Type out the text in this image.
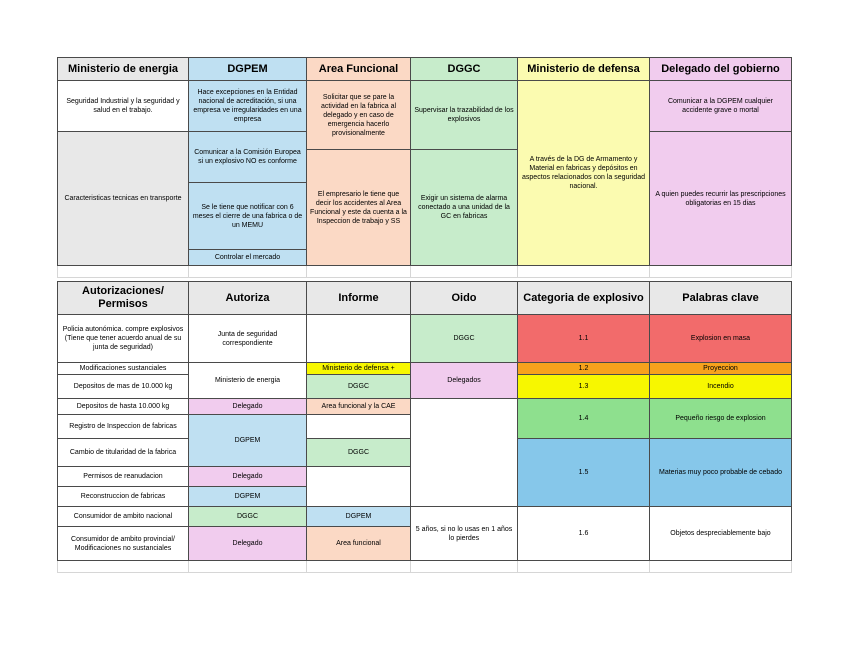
Ministerio de energia	DGPEM	Area Funcional	DGGC	Ministerio de defensa	Delegado del gobierno
Seguridad Industrial y la seguridad y salud en el trabajo.	Hace excepciones en la Entidad nacional de acreditación, si una empresa ve irregularidades en una empresa	Solicitar que se pare la actividad en la fabrica al delegado y en caso de emergencia hacerlo provisionalmente	Supervisar la trazabilidad de los explosivos	A través de la DG de Armamento y Material en fabricas y depósitos en aspectos relacionados con la seguridad nacional.	Comunicar a la DGPEM cualquier accidente grave o mortal
Caracteristicas tecnicas en transporte	Comunicar a la Comisión Europea si un explosivo NO es conforme				A quien puedes recurrir las prescripciones obligatorias en 15 dias
		El empresario le tiene que decir los accidentes al Area Funcional y este da cuenta a la Inspeccion de trabajo y SS	Exigir un sistema de alarma conectado a una unidad de la GC en fabricas		
	Se le tiene que notificar con 6 meses el cierre de una fabrica o de un MEMU				
	Controlar el mercado				

Autorizaciones/ Permisos	Autoriza	Informe	Oido	Categoria de explosivo	Palabras clave
Policia autonómica. compre explosivos (Tiene que tener acuerdo anual de su junta de seguridad)	Junta de seguridad correspondiente		DGGC	1.1	Explosion en masa
Modificaciones sustanciales	Ministerio de energia	Ministerio de defensa +	Delegados	1.2	Proyeccion
Depositos de mas de 10.000 kg		DGGC		1.3	Incendio
Depositos de hasta 10.000 kg	Delegado	Area funcional y la CAE		1.4	Pequeño riesgo de explosion
Registro de Inspeccion de fabricas	DGPEM				
Cambio de titularidad de la fabrica		DGGC		1.5	Materias muy poco probable de cebado
Permisos de reanudacion	Delegado				
Reconstruccion de fabricas	DGPEM				
Consumidor de ambito nacional	DGGC	DGPEM	5 años, si no lo usas en 1 años lo pierdes	1.6	Objetos despreciablemente bajo
Consumidor de ambito provincial/ Modificaciones no sustanciales	Delegado	Area funcional			
